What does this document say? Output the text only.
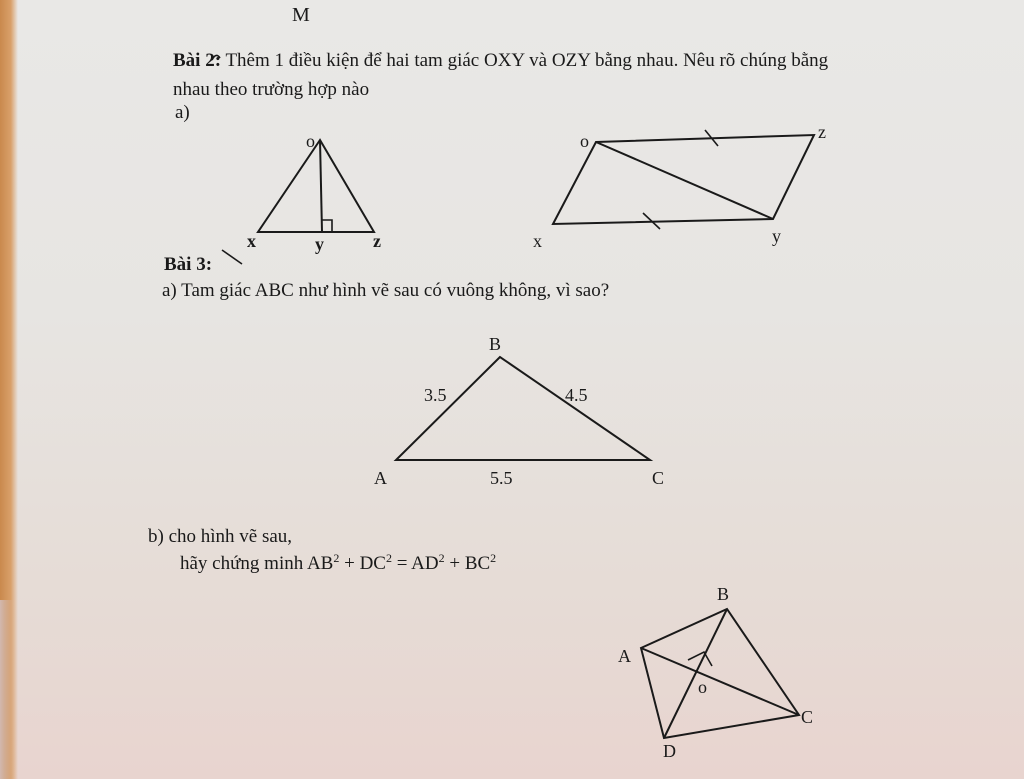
M
Bài 2: Thêm 1 điều kiện để hai tam giác OXY và OZY bằng nhau. Nêu rõ chúng bằng
nhau theo trường hợp nào
a)
Bài 3:
a) Tam giác ABC như hình vẽ sau có vuông không, vì sao?
b) cho hình vẽ sau,
hãy chứng minh $AB^2 + DC^2 = AD^2 + BC^2$
o
x	y	z
o	z
x	y
B
A	C
3.5	4.5
5.5
B
A
C
D
o
